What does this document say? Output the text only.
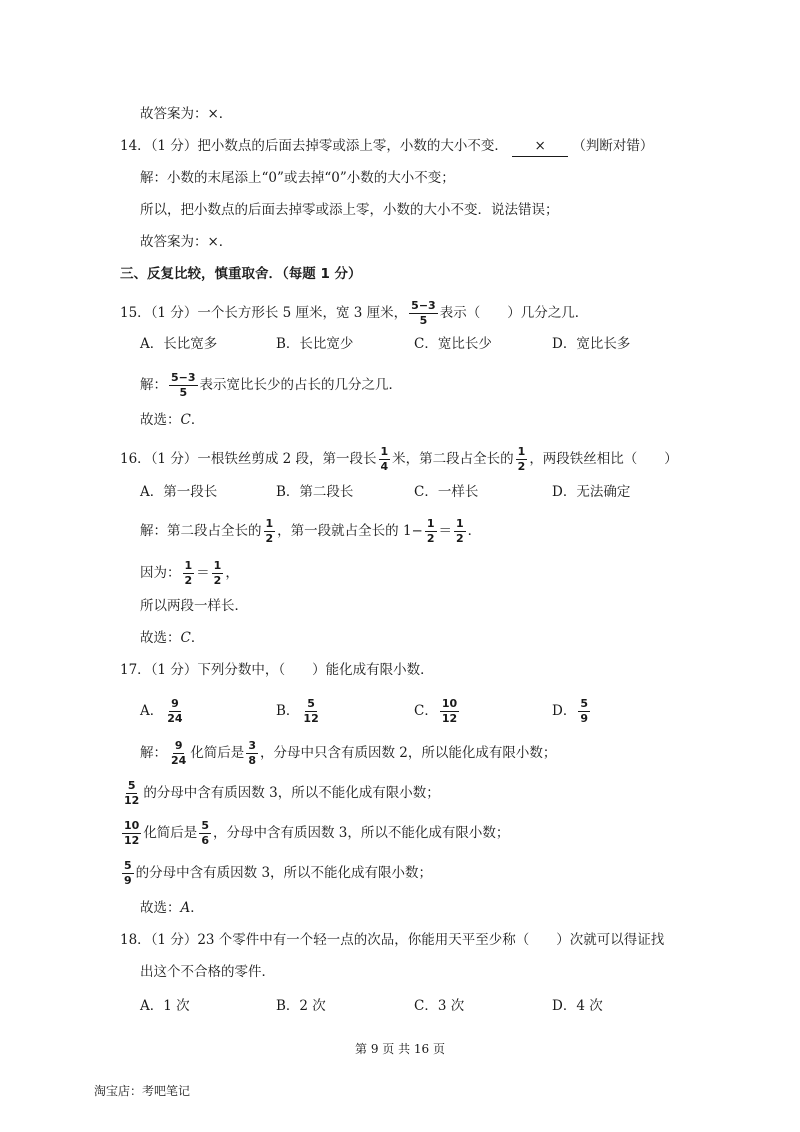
故答案为：×．
14．（1 分）把小数点的后面去掉零或添上零，小数的大小不变． × （判断对错）
解：小数的末尾添上“0”或去掉“0”小数的大小不变；
所以，把小数点的后面去掉零或添上零，小数的大小不变．说法错误；
故答案为：×．
三、反复比较，慎重取舍．（每题 1 分）
15．（1 分）一个长方形长 5 厘米，宽 3 厘米， $\frac{5-3}{5}$ 表示（　　）几分之几．
A．长比宽多	B．长比宽少	C．宽比长少	D．宽比长多
解： $\frac{5-3}{5}$ 表示宽比长少的占长的几分之几．
故选：C．
16．（1 分）一根铁丝剪成 2 段，第一段长 $\frac{1}{4}$ 米，第二段占全长的 $\frac{1}{2}$ ，两段铁丝相比（　　）
A．第一段长	B．第二段长	C．一样长	D．无法确定
解：第二段占全长的 $\frac{1}{2}$ ，第一段就占全长的 $1- \frac{1}{2} = \frac{1}{2}$ ．
因为： $\frac{1}{2} = \frac{1}{2}$ ，
所以两段一样长．
故选：C．
17．（1 分）下列分数中，（　　）能化成有限小数．
A． $\frac{9}{24}$	B． $\frac{5}{12}$	C． $\frac{10}{12}$	D． $\frac{5}{9}$
解： $\frac{9}{24}$ 化简后是 $\frac{3}{8}$ ，分母中只含有质因数 2，所以能化成有限小数；
$\frac{5}{12}$ 的分母中含有质因数 3，所以不能化成有限小数；
$\frac{10}{12}$ 化简后是 $\frac{5}{6}$ ，分母中含有质因数 3，所以不能化成有限小数；
$\frac{5}{9}$ 的分母中含有质因数 3，所以不能化成有限小数；
故选：A．
18．（1 分）23 个零件中有一个轻一点的次品，你能用天平至少称（　　）次就可以得证找
出这个不合格的零件．
A．1 次	B．2 次	C．3 次	D．4 次
第 9 页 共 16 页
淘宝店：考吧笔记
